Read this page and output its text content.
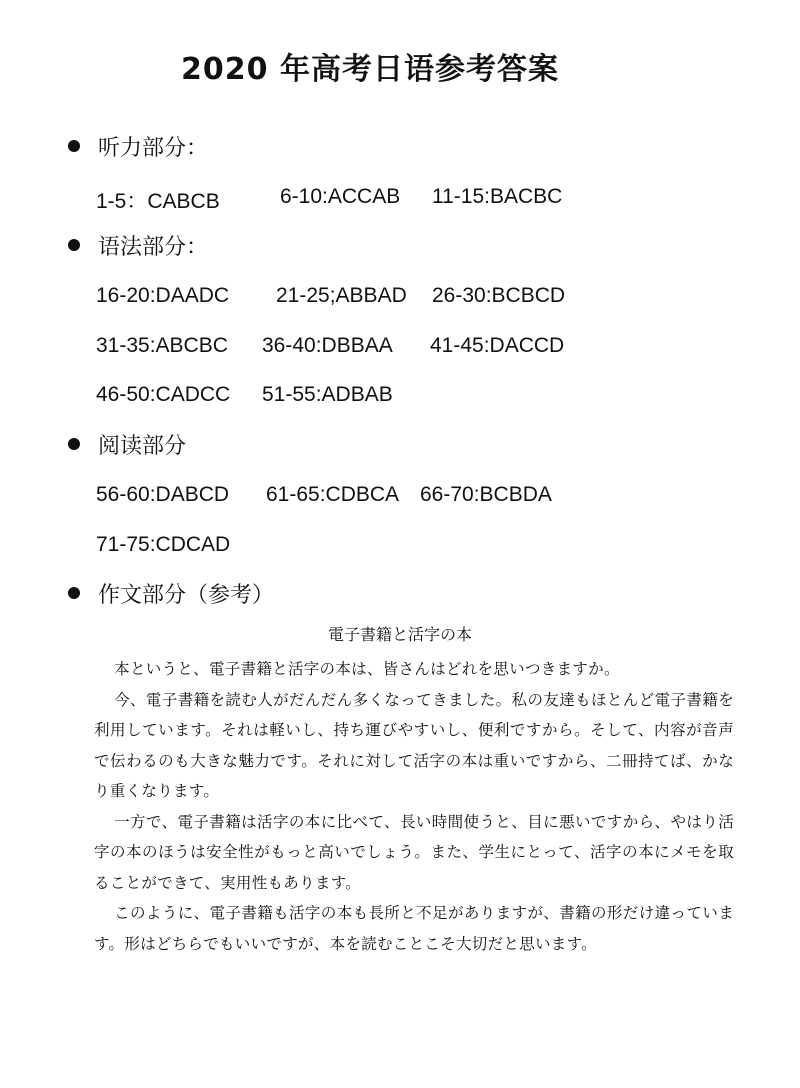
2020 年高考日语参考答案
听力部分：
1-5：CABCB	6-10:ACCAB 11-15:BACBC
语法部分：
16-20:DAADC 21-25;ABBAD 26-30:BCBCD
31-35:ABCBC 36-40:DBBAA 41-45:DACCD
46-50:CADCC 51-55:ADBAB
阅读部分
56-60:DABCD 61-65:CDBCA 66-70:BCBDA
71-75:CDCAD
作文部分（参考）
電子書籍と活字の本

本というと、電子書籍と活字の本は、皆さんはどれを思いつきますか。

今、電子書籍を読む人がだんだん多くなってきました。私の友達もほとんど電子書籍を利用しています。それは軽いし、持ち運びやすいし、便利ですから。そして、内容が音声で伝わるのも大きな魅力です。それに対して活字の本は重いですから、二冊持てば、かなり重くなります。

一方で、電子書籍は活字の本に比べて、長い時間使うと、目に悪いですから、やはり活字の本のほうは安全性がもっと高いでしょう。また、学生にとって、活字の本にメモを取ることができて、実用性もあります。

このように、電子書籍も活字の本も長所と不足がありますが、書籍の形だけ違っています。形はどちらでもいいですが、本を読むことこそ大切だと思います。
